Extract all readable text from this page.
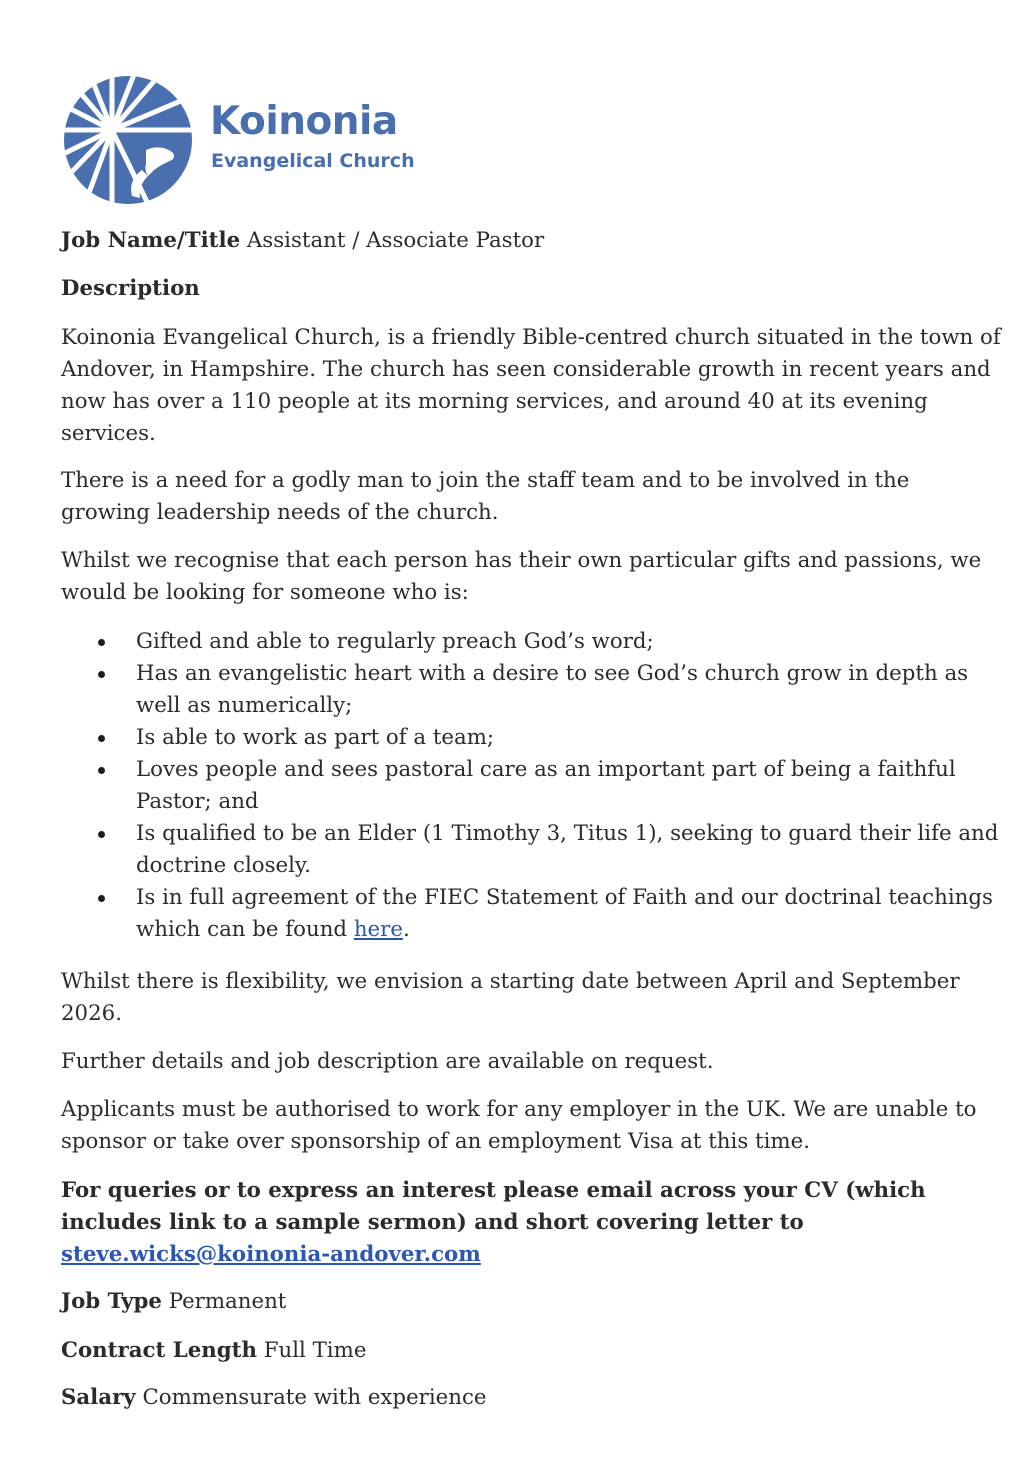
Koinonia
Evangelical Church

Job Name/Title Assistant / Associate Pastor

Description

Koinonia Evangelical Church, is a friendly Bible-centred church situated in the town of Andover, in Hampshire. The church has seen considerable growth in recent years and now has over a 110 people at its morning services, and around 40 at its evening services.

There is a need for a godly man to join the staff team and to be involved in the growing leadership needs of the church.

Whilst we recognise that each person has their own particular gifts and passions, we would be looking for someone who is:

Gifted and able to regularly preach God’s word;
Has an evangelistic heart with a desire to see God’s church grow in depth as well as numerically;
Is able to work as part of a team;
Loves people and sees pastoral care as an important part of being a faithful Pastor; and
Is qualified to be an Elder (1 Timothy 3, Titus 1), seeking to guard their life and doctrine closely.
Is in full agreement of the FIEC Statement of Faith and our doctrinal teachings which can be found here.

Whilst there is flexibility, we envision a starting date between April and September 2026.

Further details and job description are available on request.

Applicants must be authorised to work for any employer in the UK. We are unable to sponsor or take over sponsorship of an employment Visa at this time.

For queries or to express an interest please email across your CV (which includes link to a sample sermon) and short covering letter to steve.wicks@koinonia-andover.com

Job Type Permanent

Contract Length Full Time

Salary Commensurate with experience
